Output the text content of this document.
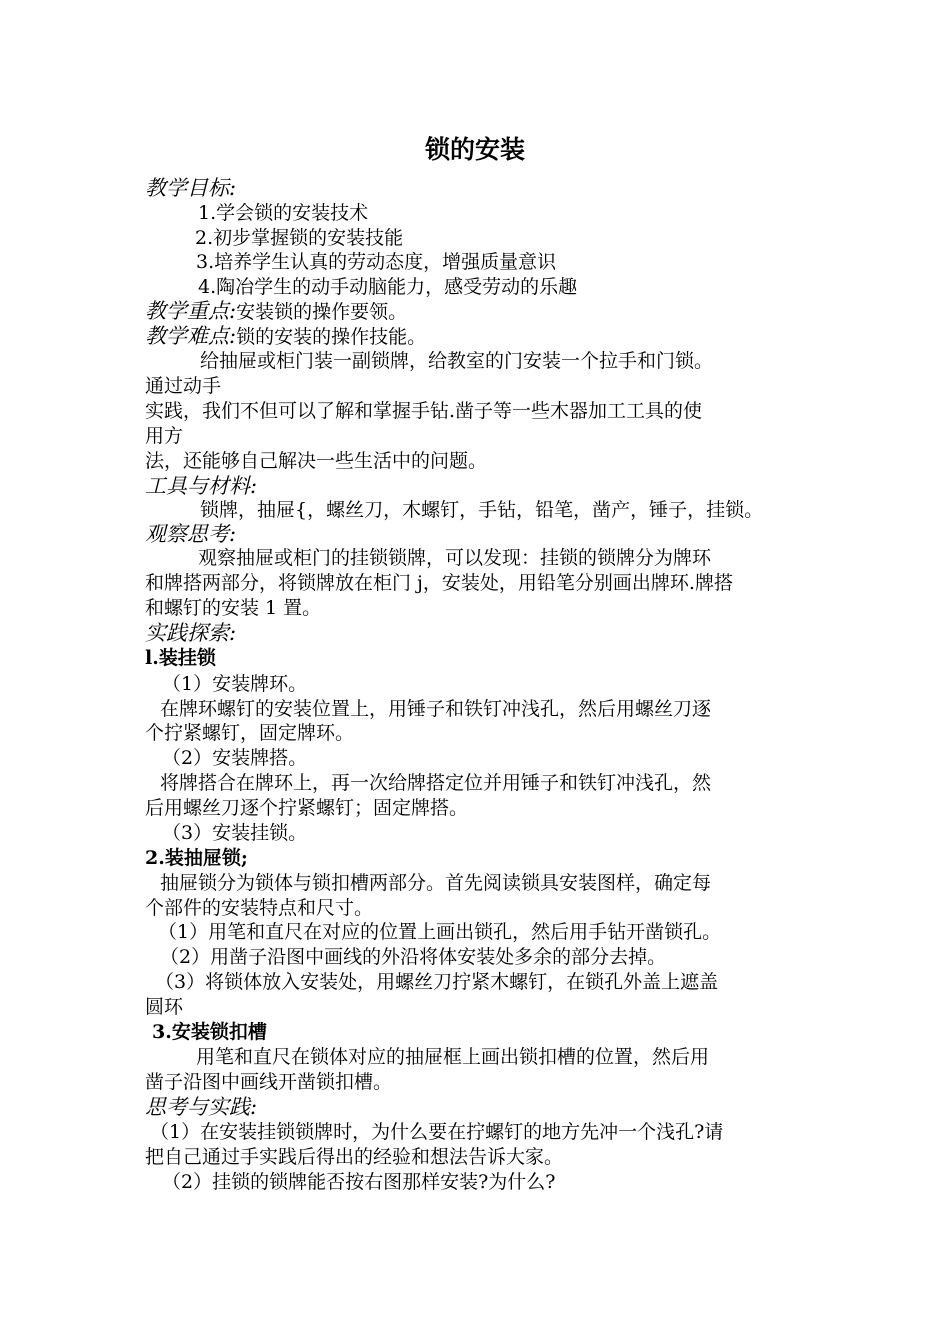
锁的安装
教学目标:
1.学会锁的安装技术
2.初步掌握锁的安装技能
3.培养学生认真的劳动态度，增强质量意识
4.陶冶学生的动手动脑能力，感受劳动的乐趣
教学重点:安装锁的操作要领。
教学难点:锁的安装的操作技能。
给抽屉或柜门装一副锁牌，给教室的门安装一个拉手和门锁。
通过动手
实践，我们不但可以了解和掌握手钻.凿子等一些木器加工工具的使
用方
法，还能够自己解决一些生活中的问题。
工具与材料:
锁牌，抽屉{，螺丝刀，木螺钉，手钻，铅笔，凿产，锤子，挂锁。
观察思考:
观察抽屉或柜门的挂锁锁牌，可以发现：挂锁的锁牌分为牌环
和牌搭两部分，将锁牌放在柜门 j，安装处，用铅笔分别画出牌环.牌搭
和螺钉的安装 1 置。
实践探索:
l.装挂锁
（1）安装牌环。
在牌环螺钉的安装位置上，用锤子和铁钉冲浅孔，然后用螺丝刀逐
个拧紧螺钉，固定牌环。
（2）安装牌搭。
将牌搭合在牌环上，再一次给牌搭定位并用锤子和铁钉冲浅孔，然
后用螺丝刀逐个拧紧螺钉；固定牌搭。
（3）安装挂锁。
2.装抽屉锁;
抽屉锁分为锁体与锁扣槽两部分。首先阅读锁具安装图样，确定每
个部件的安装特点和尺寸。
（1）用笔和直尺在对应的位置上画出锁孔，然后用手钻开凿锁孔。
（2）用凿子沿图中画线的外沿将体安装处多余的部分去掉。
（3）将锁体放入安装处，用螺丝刀拧紧木螺钉，在锁孔外盖上遮盖
圆环
3.安装锁扣槽
用笔和直尺在锁体对应的抽屉框上画出锁扣槽的位置，然后用
凿子沿图中画线开凿锁扣槽。
思考与实践:
（1）在安装挂锁锁牌时，为什么要在拧螺钉的地方先冲一个浅孔?请
把自己通过手实践后得出的经验和想法告诉大家。
（2）挂锁的锁牌能否按右图那样安装?为什么?
